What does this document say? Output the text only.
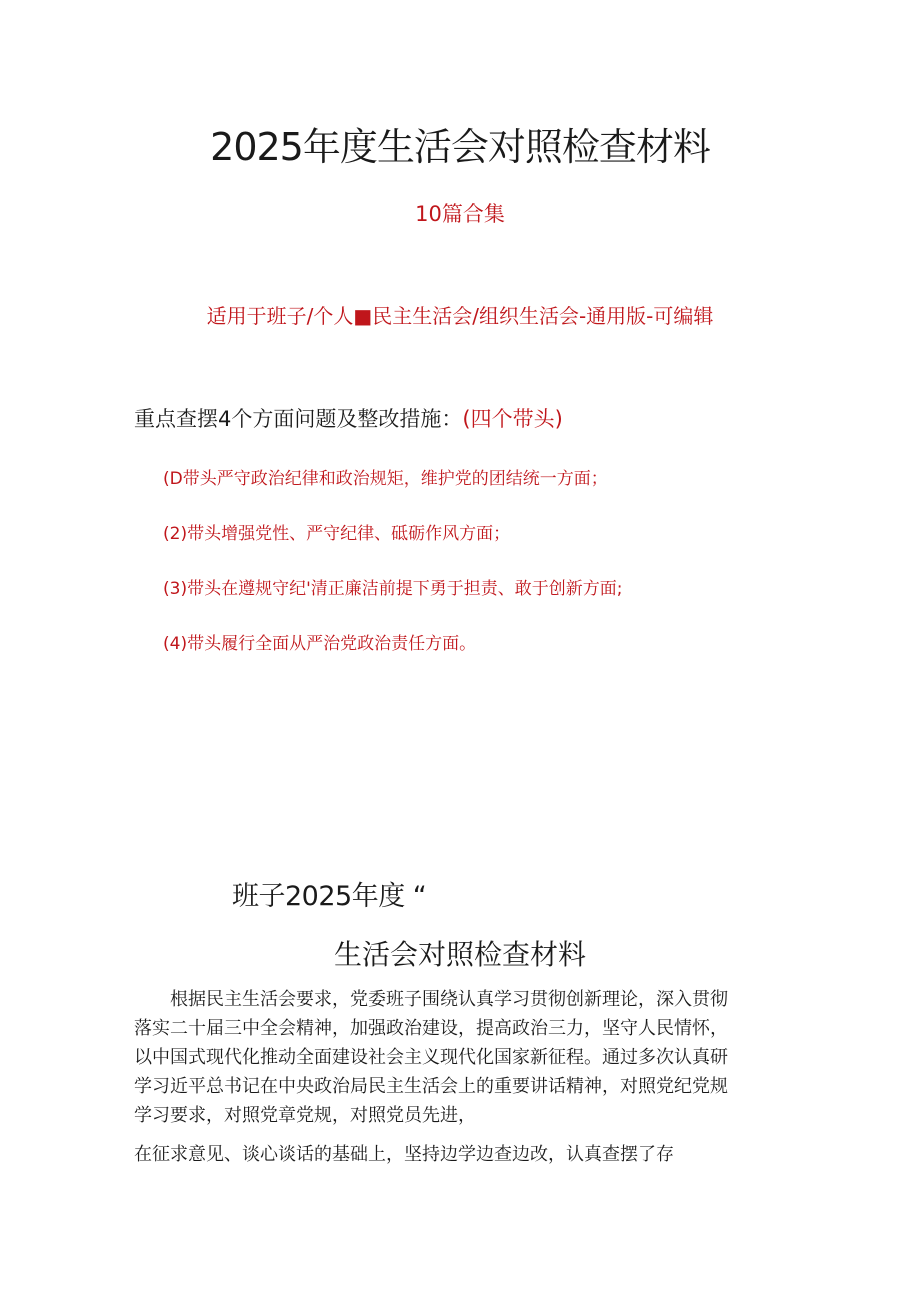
2025年度生活会对照检查材料
10篇合集
适用于班子/个人■民主生活会/组织生活会-通用版-可编辑
重点查摆4个方面问题及整改措施：(四个带头)
(D带头严守政治纪律和政治规矩，维护党的团结统一方面；
(2)带头增强党性、严守纪律、砥砺作风方面；
(3)带头在遵规守纪'清正廉洁前提下勇于担责、敢于创新方面;
(4)带头履行全面从严治党政治责任方面。
班子2025年度 “
生活会对照检查材料
根据民主生活会要求，党委班子围绕认真学习贯彻创新理论，深入贯彻
落实二十届三中全会精神，加强政治建设，提高政治三力，坚守人民情怀，
以中国式现代化推动全面建设社会主义现代化国家新征程。通过多次认真研
学习近平总书记在中央政治局民主生活会上的重要讲话精神，对照党纪党规
学习要求，对照党章党规，对照党员先进，
在征求意见、谈心谈话的基础上，坚持边学边查边改，认真查摆了存
